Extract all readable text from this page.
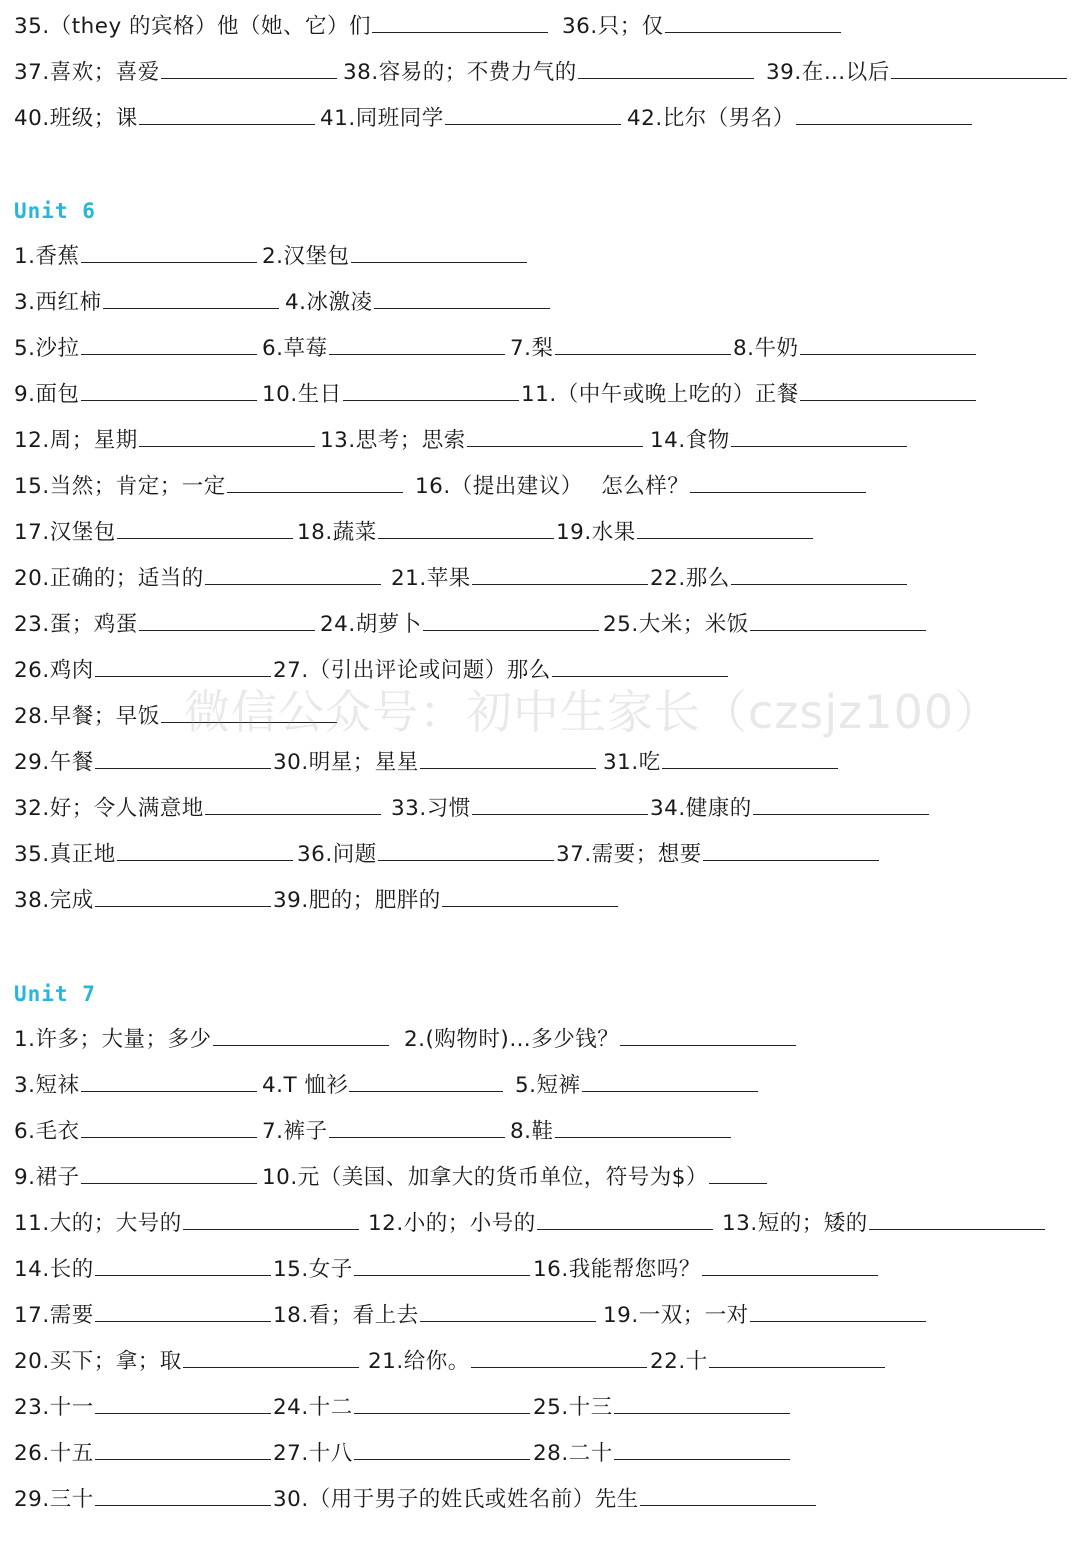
35.（they 的宾格）他（她、它）们	36.只；仅
37.喜欢；喜爱	38.容易的；不费力气的	39.在…以后
40.班级；课	41.同班同学	42.比尔（男名）
Unit 6
1.香蕉	2.汉堡包
3.西红柿	4.冰激凌
5.沙拉	6.草莓	7.梨	8.牛奶
9.面包	10.生日	11.（中午或晚上吃的）正餐
12.周；星期	13.思考；思索	14.食物
15.当然；肯定；一定	16.（提出建议）　 怎么样？
17.汉堡包	18.蔬菜	19.水果
20.正确的；适当的	21.苹果	22.那么
23.蛋；鸡蛋	24.胡萝卜	25.大米；米饭
26.鸡肉	27.（引出评论或问题）那么
28.早餐；早饭
29.午餐	30.明星；星星	31.吃
32.好；令人满意地	33.习惯	34.健康的
35.真正地	36.问题	37.需要；想要
38.完成	39.肥的；肥胖的
Unit 7
1.许多；大量；多少	2.(购物时)…多少钱？
3.短袜	4.T 恤衫	5.短裤
6.毛衣	7.裤子	8.鞋
9.裙子	10.元（美国、加拿大的货币单位，符号为$）
11.大的；大号的	12.小的；小号的	13.短的；矮的
14.长的	15.女子	16.我能帮您吗？
17.需要	18.看；看上去	19.一双；一对
20.买下；拿；取	21.给你。	22.十
23.十一	24.十二	25.十三
26.十五	27.十八	28.二十
29.三十	30.（用于男子的姓氏或姓名前）先生
微信公众号：初中生家长（czsjz100）
